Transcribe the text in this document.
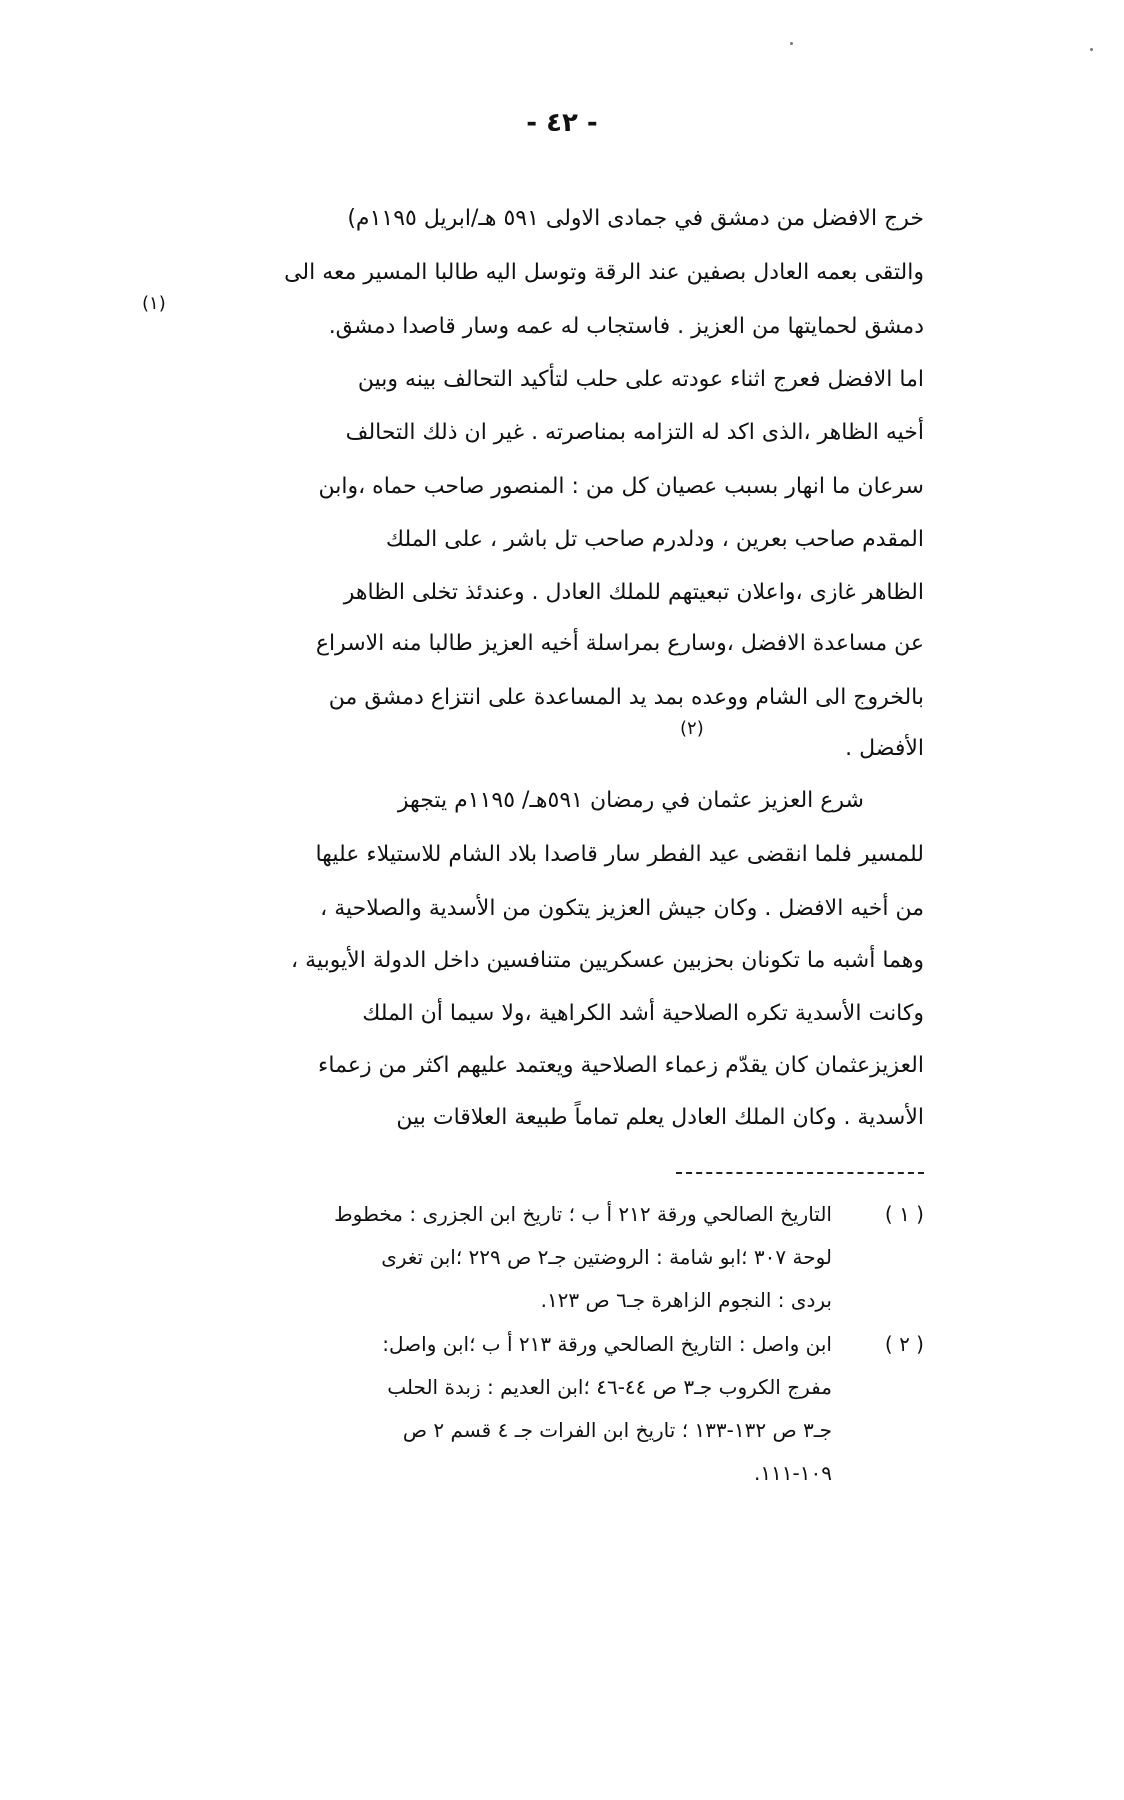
- ٤٢ -
خرج الافضل من دمشق في جمادى الاولى ٥٩١ هـ/ابريل ١١٩٥م)
والتقى بعمه العادل بصفين عند الرقة وتوسل اليه طالبا المسير معه الى
(١)
دمشق لحمايتها من العزيز . فاستجاب له عمه وسار قاصدا دمشق.
اما الافضل فعرج اثناء عودته على حلب لتأكيد التحالف بينه وبين
أخيه الظاهر ،الذى اكد له التزامه بمناصرته . غير ان ذلك التحالف
سرعان ما انهار بسبب عصيان كل من : المنصور صاحب حماه ،وابن
المقدم صاحب بعرين ، ودلدرم صاحب تل باشر ، على الملك
الظاهر غازى ،واعلان تبعيتهم للملك العادل . وعندئذ تخلى الظاهر
عن مساعدة الافضل ،وسارع بمراسلة أخيه العزيز طالبا منه الاسراع
بالخروج الى الشام ووعده بمد يد المساعدة على انتزاع دمشق من
(٢)
الأفضل .
شرع العزيز عثمان في رمضان ٥٩١هـ/ ١١٩٥م يتجهز
للمسير فلما انقضى عيد الفطر سار قاصدا بلاد الشام للاستيلاء عليها
من أخيه الافضل . وكان جيش العزيز يتكون من الأسدية والصلاحية ،
وهما أشبه ما تكونان بحزبين عسكريين متنافسين داخل الدولة الأيوبية ،
وكانت الأسدية تكره الصلاحية أشد الكراهية ،ولا سيما أن الملك
العزيزعثمان كان يقدّم زعماء الصلاحية ويعتمد عليهم اكثر من زعماء
الأسدية . وكان الملك العادل يعلم تماماً طبيعة العلاقات بين
( ١ )
التاريخ الصالحي ورقة ٢١٢ أ ب ؛ تاريخ ابن الجزرى : مخطوط
لوحة ٣٠٧ ؛ابو شامة : الروضتين جـ٢ ص ٢٢٩ ؛ابن تغرى
بردى : النجوم الزاهرة جـ٦ ص ١٢٣.
( ٢ )
ابن واصل : التاريخ الصالحي ورقة ٢١٣ أ ب ؛ابن واصل:
مفرج الكروب جـ٣ ص ٤٤-٤٦ ؛ابن العديم : زبدة الحلب
جـ٣ ص ١٣٢-١٣٣ ؛ تاريخ ابن الفرات جـ ٤ قسم ٢ ص
١٠٩-١١١.
